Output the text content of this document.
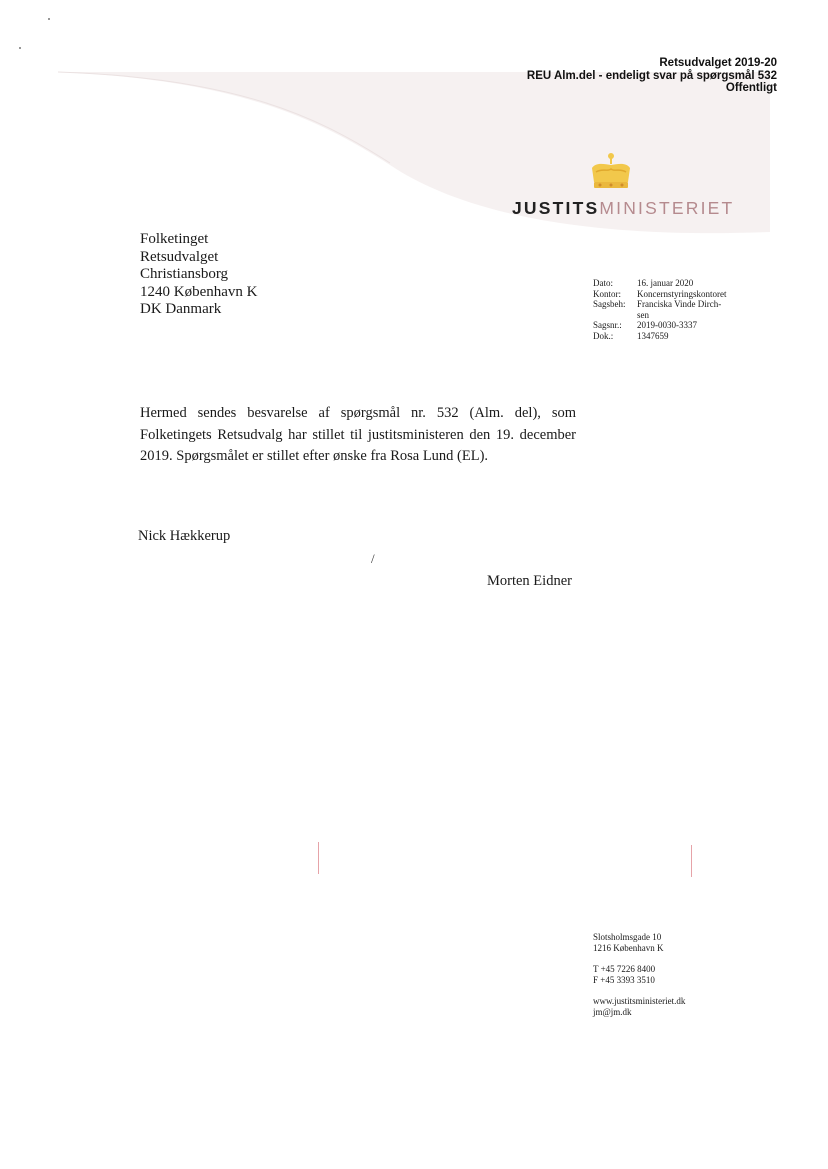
Retsudvalget 2019-20
REU Alm.del - endeligt svar på spørgsmål 532
Offentligt
JUSTITSMINISTERIET
Folketinget
Retsudvalget
Christiansborg
1240 København K
DK Danmark
Dato:	16. januar 2020
Kontor:	Koncernstyringskontoret
Sagsbeh:	Franciska Vinde Dirch-
sen

Sagsnr.:	2019-0030-3337
Dok.:	1347659
Hermed sendes besvarelse af spørgsmål nr. 532 (Alm. del), som Folketingets Retsudvalg har stillet til justitsministeren den 19. december 2019. Spørgsmålet er stillet efter ønske fra Rosa Lund (EL).
Nick Hækkerup
/
Morten Eidner

Slotsholmsgade 10
1216 København K

T +45 7226 8400
F +45 3393 3510

www.justitsministeriet.dk
jm@jm.dk
